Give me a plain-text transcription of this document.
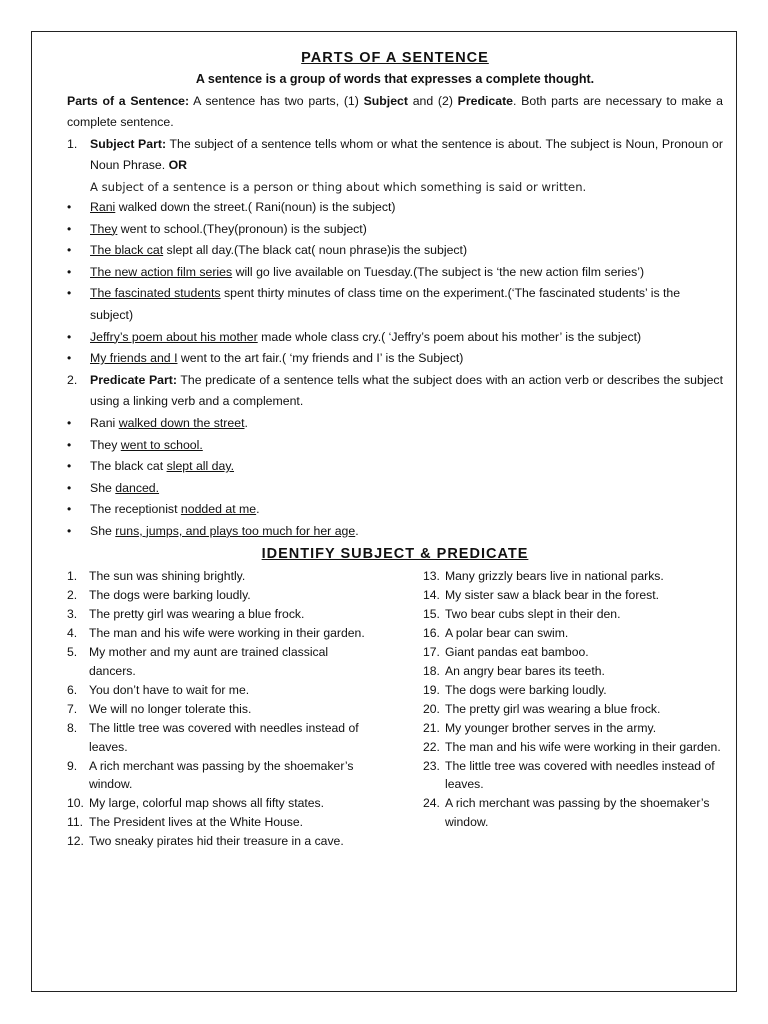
PARTS OF A SENTENCE
A sentence is a group of words that expresses a complete thought.
Parts of a Sentence: A sentence has two parts, (1) Subject and (2) Predicate. Both parts are necessary to make a complete sentence.
1.	Subject Part: The subject of a sentence tells whom or what the sentence is about. The subject is Noun, Pronoun or Noun Phrase. OR
A subject of a sentence is a person or thing about which something is said or written.
•	Rani walked down the street.( Rani(noun) is the subject)
•	They went to school.(They(pronoun) is the subject)
•	The black cat slept all day.(The black cat( noun phrase)is the subject)
•	The new action film series will go live available on Tuesday.(The subject is ‘the new action film series’)
•	The fascinated students spent thirty minutes of class time on the experiment.(‘The fascinated students’ is the subject)
•	Jeffry’s poem about his mother made whole class cry.( ‘Jeffry’s poem about his mother’ is the subject)
•	My friends and I went to the art fair.( ‘my friends and I’ is the Subject)
2.	Predicate Part: The predicate of a sentence tells what the subject does with an action verb or describes the subject using a linking verb and a complement.
•	Rani walked down the street.
•	They went to school.
•	The black cat slept all day.
•	She danced.
•	The receptionist nodded at me.
•	She runs, jumps, and plays too much for her age.
IDENTIFY SUBJECT & PREDICATE
1. The sun was shining brightly.
2. The dogs were barking loudly.
3. The pretty girl was wearing a blue frock.
4. The man and his wife were working in their garden.
5. My mother and my aunt are trained classical dancers.
6. You don’t have to wait for me.
7. We will no longer tolerate this.
8. The little tree was covered with needles instead of leaves.
9. A rich merchant was passing by the shoemaker’s window.
10. My large, colorful map shows all fifty states.
11. The President lives at the White House.
12. Two sneaky pirates hid their treasure in a cave.
13. Many grizzly bears live in national parks.
14. My sister saw a black bear in the forest.
15. Two bear cubs slept in their den.
16. A polar bear can swim.
17. Giant pandas eat bamboo.
18. An angry bear bares its teeth.
19. The dogs were barking loudly.
20. The pretty girl was wearing a blue frock.
21. My younger brother serves in the army.
22. The man and his wife were working in their garden.
23. The little tree was covered with needles instead of leaves.
24. A rich merchant was passing by the shoemaker’s window.
